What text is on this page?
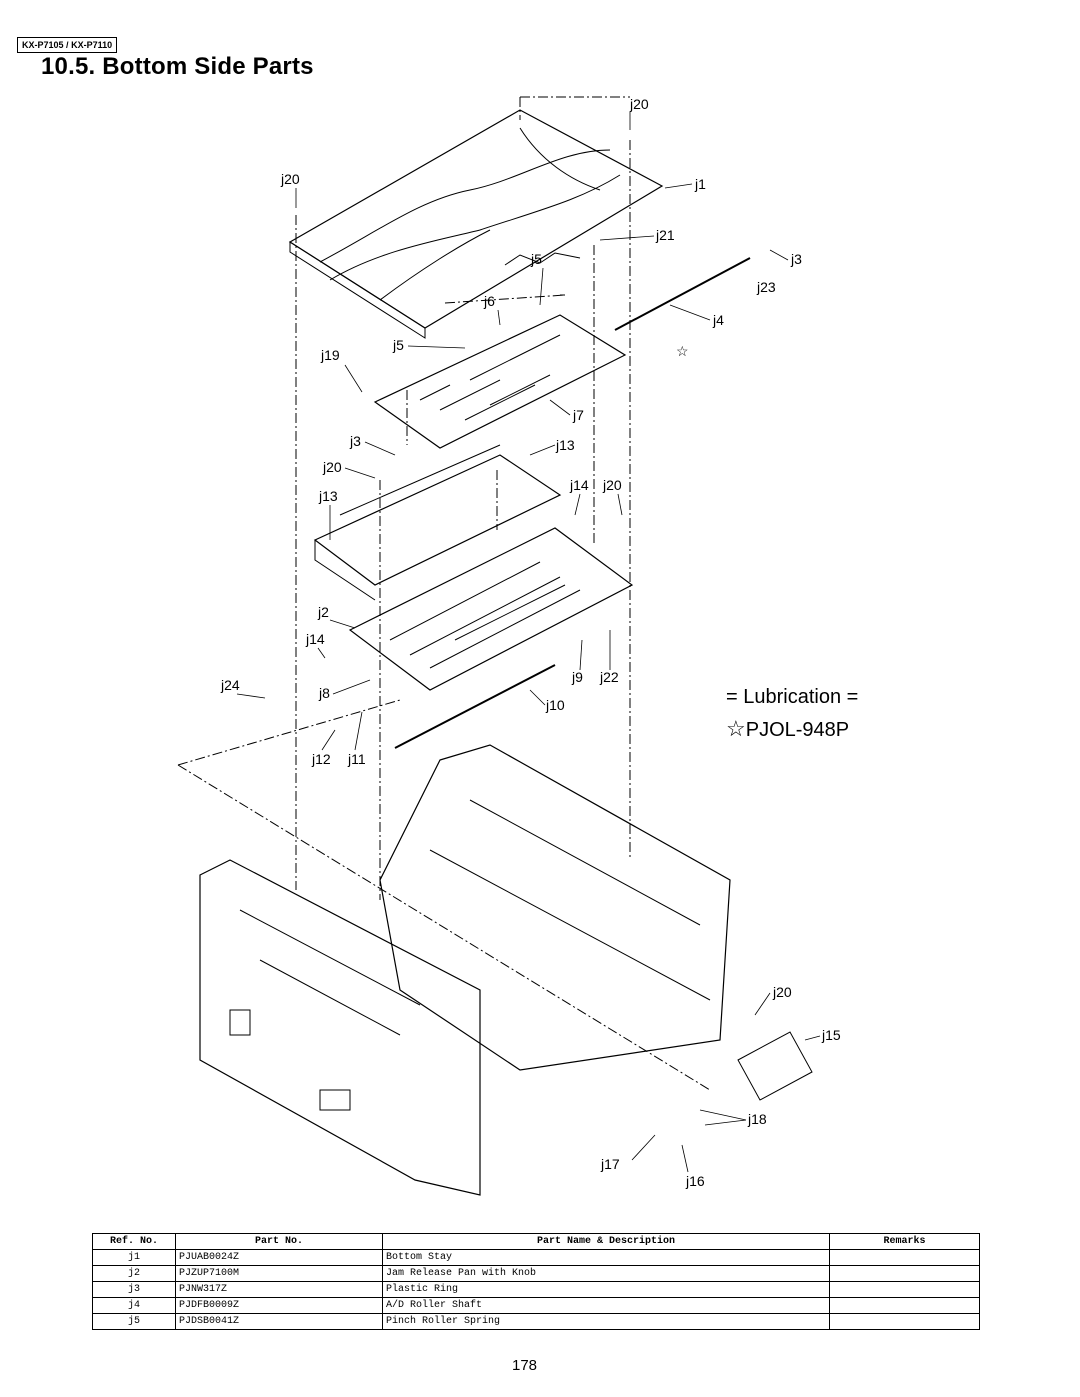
KX-P7105 / KX-P7110
10.5. Bottom Side Parts
☆
j20
j1
j20
j21
j3
j5
j23
j6
j4
j5
j19
j7
j3	j13
j20
j14 j20
j13
j2
j14
j24	j9 j22
j8
j10
j12 j11
j20
j15
j18
j17
j16
= Lubrication =
☆PJOL-948P
Ref. No.	Part No.	Part Name & Description	Remarks
j1	PJUAB0024Z	Bottom Stay	
j2	PJZUP7100M	Jam Release Pan with Knob	
j3	PJNW317Z	Plastic Ring	
j4	PJDFB0009Z	A/D Roller Shaft	
j5	PJDSB0041Z	Pinch Roller Spring	
178
